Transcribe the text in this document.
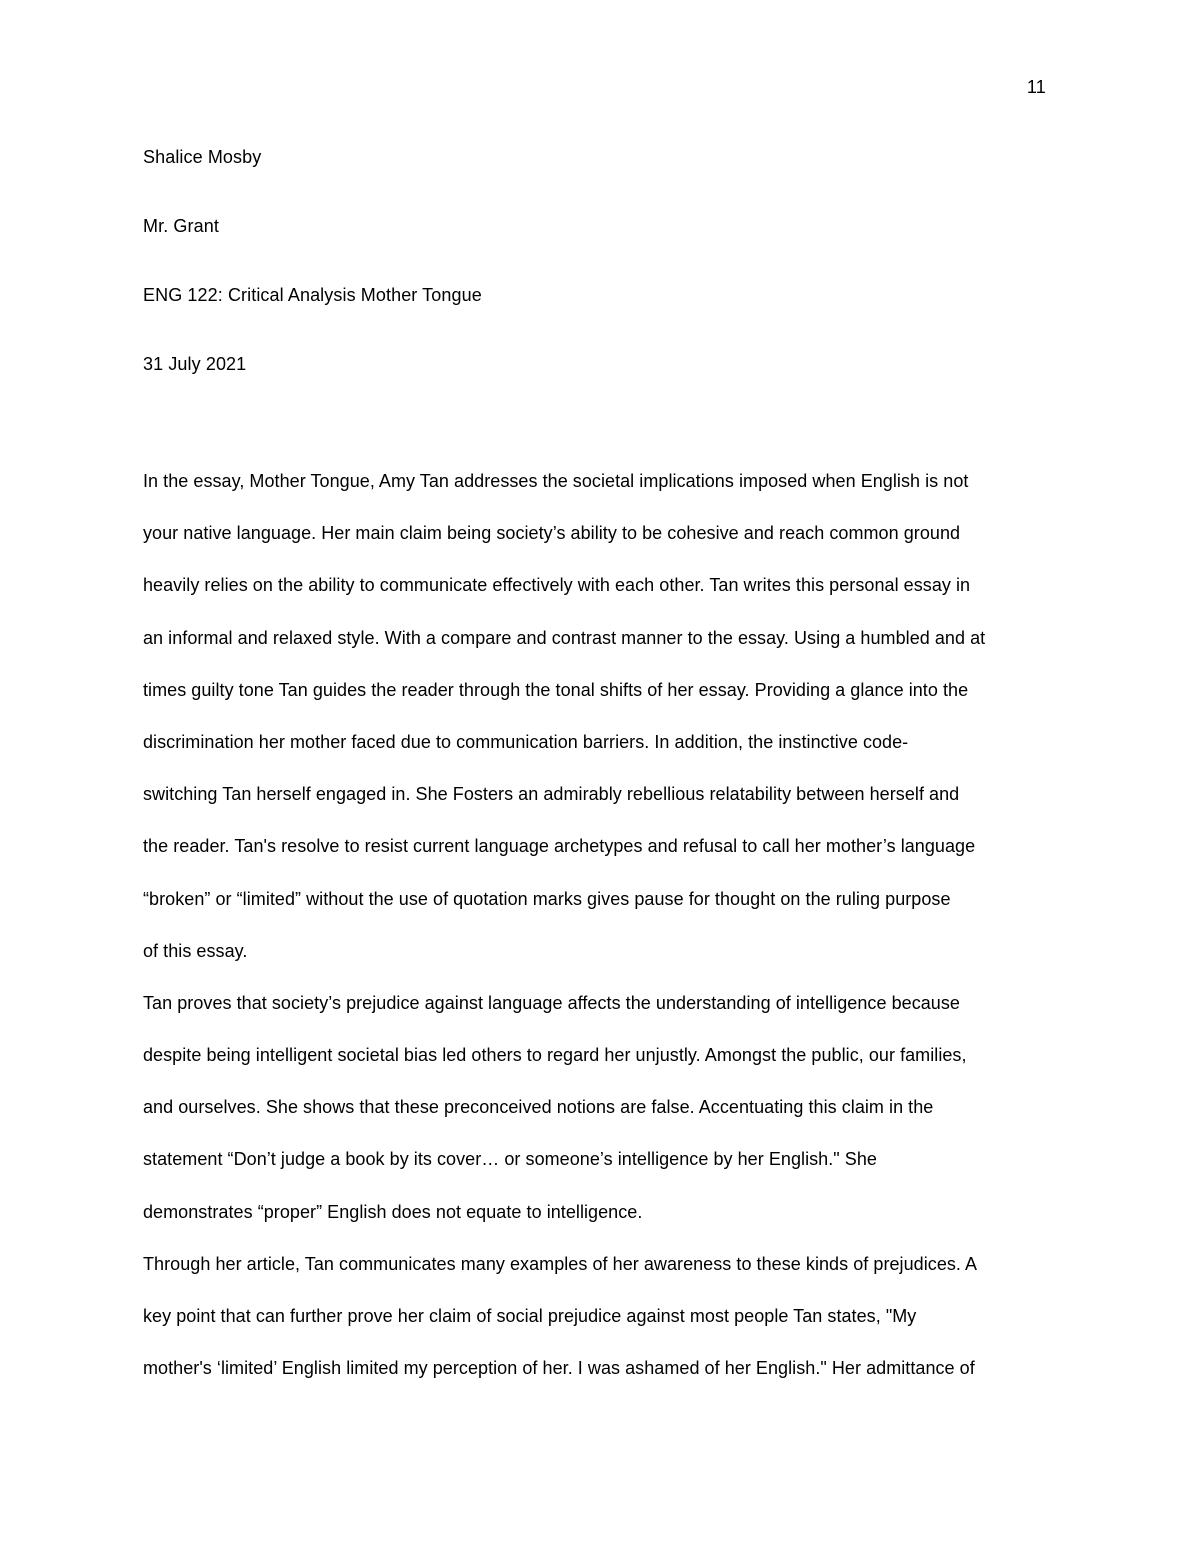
11
Shalice Mosby
Mr. Grant
ENG 122: Critical Analysis Mother Tongue
31 July 2021
In the essay, Mother Tongue, Amy Tan addresses the societal implications imposed when English is not
your native language. Her main claim being society’s ability to be cohesive and reach common ground
heavily relies on the ability to communicate effectively with each other. Tan writes this personal essay in
an informal and relaxed style. With a compare and contrast manner to the essay. Using a humbled and at
times guilty tone Tan guides the reader through the tonal shifts of her essay. Providing a glance into the
discrimination her mother faced due to communication barriers. In addition, the instinctive code-
switching Tan herself engaged in. She Fosters an admirably rebellious relatability between herself and
the reader. Tan's resolve to resist current language archetypes and refusal to call her mother’s language
“broken” or “limited” without the use of quotation marks gives pause for thought on the ruling purpose
of this essay.
Tan proves that society’s prejudice against language affects the understanding of intelligence because
despite being intelligent societal bias led others to regard her unjustly. Amongst the public, our families,
and ourselves. She shows that these preconceived notions are false. Accentuating this claim in the
statement “Don’t judge a book by its cover… or someone’s intelligence by her English." She
demonstrates “proper” English does not equate to intelligence.
Through her article, Tan communicates many examples of her awareness to these kinds of prejudices. A
key point that can further prove her claim of social prejudice against most people Tan states, "My
mother's ‘limited’ English limited my perception of her. I was ashamed of her English." Her admittance of
